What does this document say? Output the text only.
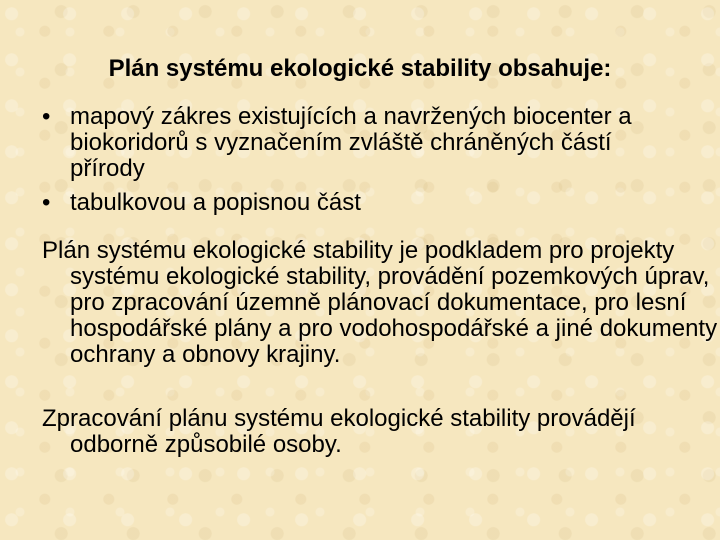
Plán systému ekologické stability obsahuje:
• mapový zákres existujících a navržených biocenter a biokoridorů s vyznačením zvláště chráněných částí přírody
• tabulkovou a popisnou část

Plán systému ekologické stability je podkladem pro projekty systému ekologické stability, provádění pozemkových úprav, pro zpracování územně plánovací dokumentace, pro lesní hospodářské plány a pro vodohospodářské a jiné dokumenty ochrany a obnovy krajiny.

Zpracování plánu systému ekologické stability provádějí odborně způsobilé osoby.
